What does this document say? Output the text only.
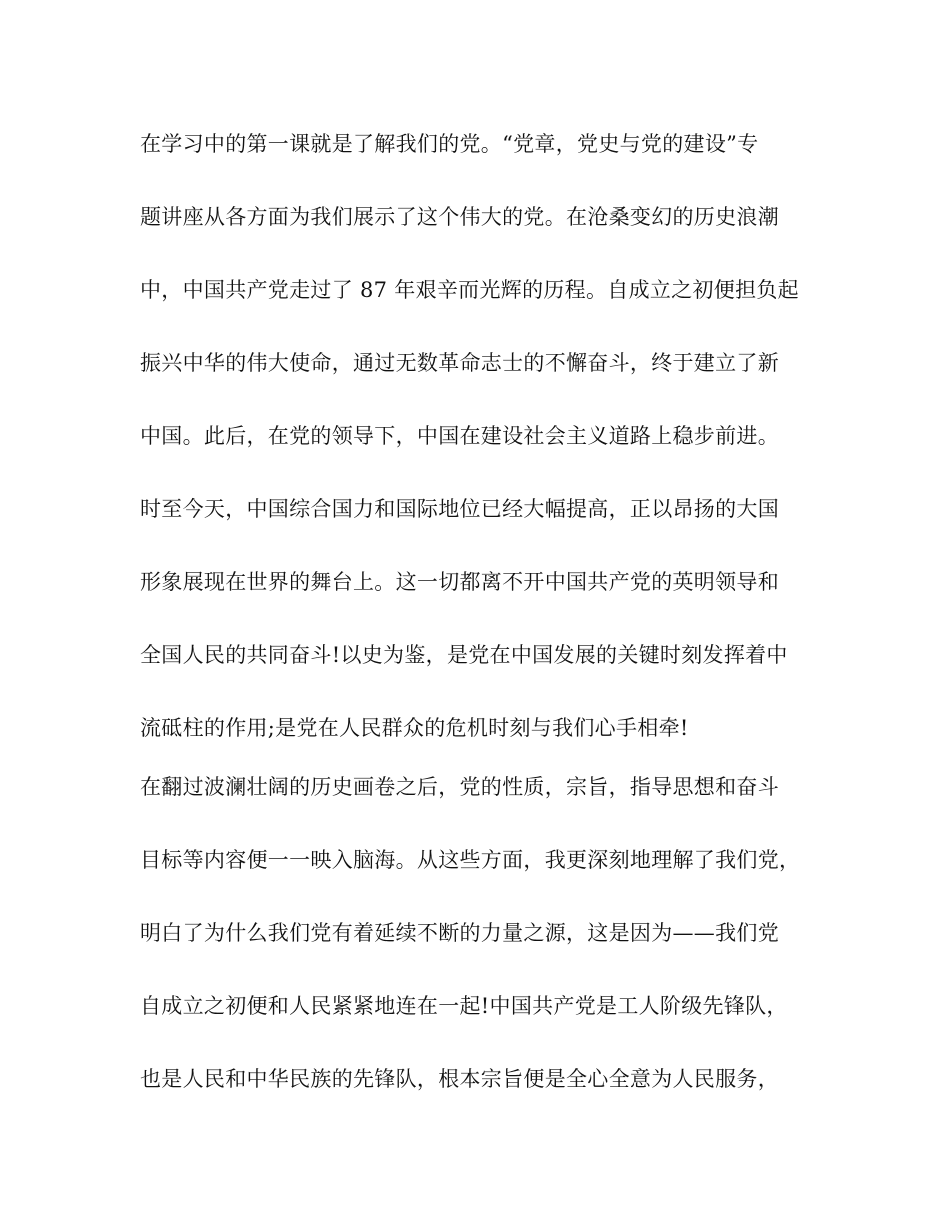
在学习中的第一课就是了解我们的党。“党章，党史与党的建设”专
题讲座从各方面为我们展示了这个伟大的党。在沧桑变幻的历史浪潮
中，中国共产党走过了 87 年艰辛而光辉的历程。自成立之初便担负起
振兴中华的伟大使命，通过无数革命志士的不懈奋斗，终于建立了新
中国。此后，在党的领导下，中国在建设社会主义道路上稳步前进。
时至今天，中国综合国力和国际地位已经大幅提高，正以昂扬的大国
形象展现在世界的舞台上。这一切都离不开中国共产党的英明领导和
全国人民的共同奋斗!以史为鉴，是党在中国发展的关键时刻发挥着中
流砥柱的作用;是党在人民群众的危机时刻与我们心手相牵!
在翻过波澜壮阔的历史画卷之后，党的性质，宗旨，指导思想和奋斗
目标等内容便一一映入脑海。从这些方面，我更深刻地理解了我们党，
明白了为什么我们党有着延续不断的力量之源，这是因为——我们党
自成立之初便和人民紧紧地连在一起!中国共产党是工人阶级先锋队，
也是人民和中华民族的先锋队，根本宗旨便是全心全意为人民服务，
